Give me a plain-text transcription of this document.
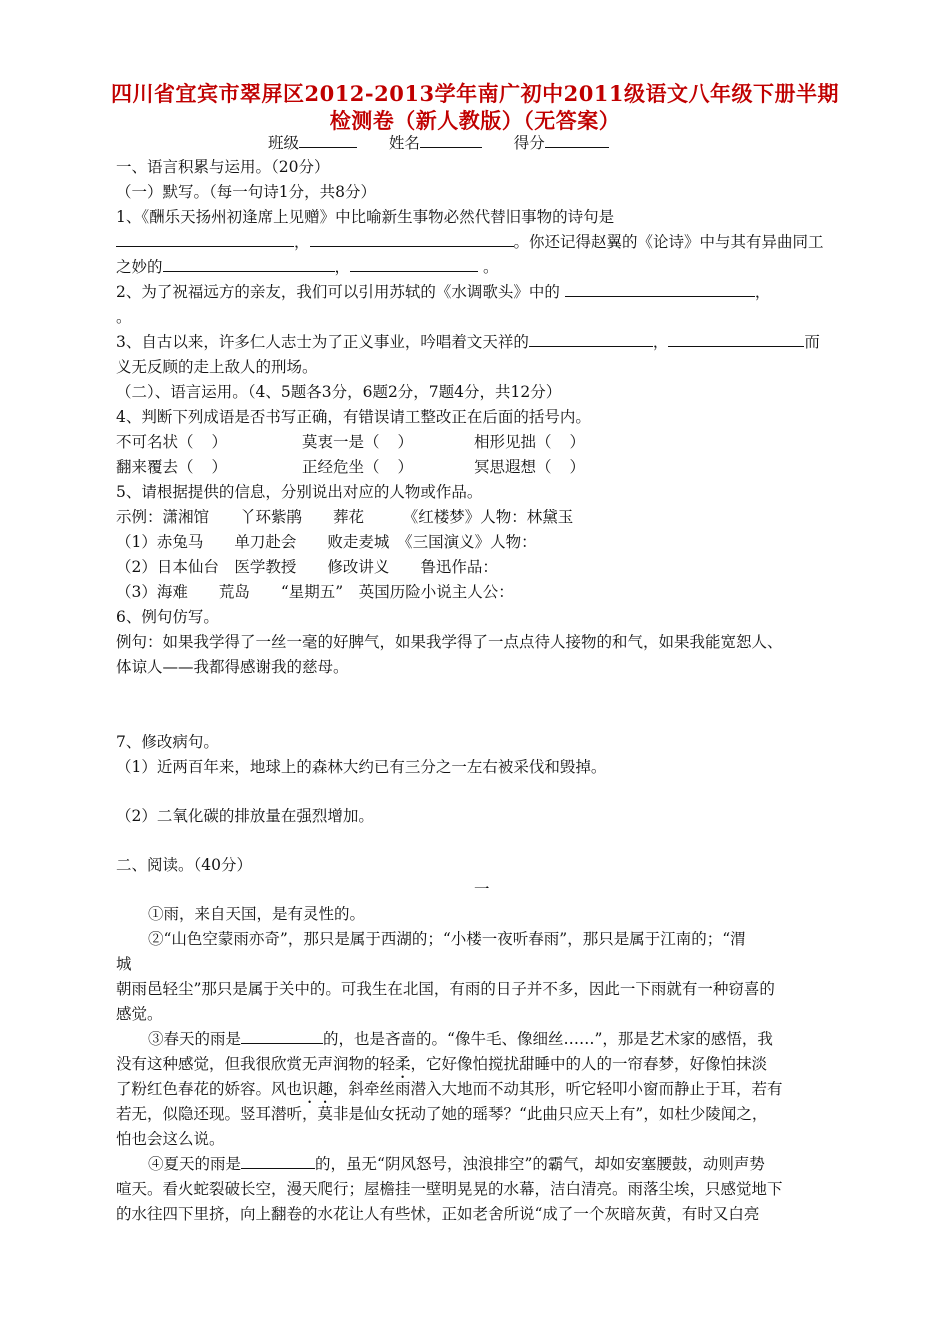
四川省宜宾市翠屏区2012-2013学年南广初中2011级语文八年级下册半期
检测卷（新人教版）（无答案）
班级	姓名	得分
一、语言积累与运用。（20分）
（一）默写。（每一句诗1分，共8分）
1、《酬乐天扬州初逢席上见赠》中比喻新生事物必然代替旧事物的诗句是
，	。你还记得赵翼的《论诗》中与其有异曲同工
之妙的	，	。
2、为了祝福远方的亲友，我们可以引用苏轼的《水调歌头》中的	，
。
3、自古以来，许多仁人志士为了正义事业，吟唱着文天祥的	，	而
义无反顾的走上敌人的刑场。
（二）、语言运用。（4、5题各3分，6题2分，7题4分，共12分）
4、判断下列成语是否书写正确，有错误请工整改正在后面的括号内。
不可名状（ ）	莫衷一是（ ）	相形见拙（ ）
翻来覆去（ ）	正经危坐（ ）	冥思遐想（ ）
5、请根据提供的信息，分别说出对应的人物或作品。
示例：潇湘馆　　丫环紫鹃　　葬花　　　《红楼梦》人物：林黛玉
（1）赤兔马　　单刀赴会　　败走麦城　《三国演义》人物：
（2）日本仙台　医学教授　　修改讲义　　鲁迅作品：
（3）海难　　荒岛　　“星期五”　英国历险小说主人公：
6、例句仿写。
例句：如果我学得了一丝一毫的好脾气，如果我学得了一点点待人接物的和气，如果我能宽恕人、
体谅人——我都得感谢我的慈母。
7、修改病句。
（1）近两百年来，地球上的森林大约已有三分之一左右被采伐和毁掉。
（2）二氧化碳的排放量在强烈增加。
二、阅读。（40分）
一
①雨，来自天国，是有灵性的。
②“山色空蒙雨亦奇”，那只是属于西湖的；“小楼一夜听春雨”，那只是属于江南的；“渭
城
朝雨邑轻尘”那只是属于关中的。可我生在北国，有雨的日子并不多，因此一下雨就有一种窃喜的
感觉。
③春天的雨是	的，也是吝啬的。“像牛毛、像细丝……”，那是艺术家的感悟，我
没有这种感觉，但我很欣赏无声润物的轻柔，它好像怕搅扰甜睡中的人的一帘春梦，好像怕抹淡
了粉红色春花的娇容。风也识趣，斜牵丝雨潜入大地而不动其形，听它轻叩小窗而静止于耳，若有
若无，似隐还现。竖耳潜听，莫非是仙女抚动了她的瑶琴？“此曲只应天上有”，如杜少陵闻之，
怕也会这么说。
④夏天的雨是	的，虽无“阴风怒号，浊浪排空”的霸气，却如安塞腰鼓，动则声势
喧天。看火蛇裂破长空，漫天爬行；屋檐挂一壁明晃晃的水幕，洁白清亮。雨落尘埃，只感觉地下
的水往四下里挤，向上翻卷的水花让人有些怵，正如老舍所说“成了一个灰暗灰黄，有时又白亮
